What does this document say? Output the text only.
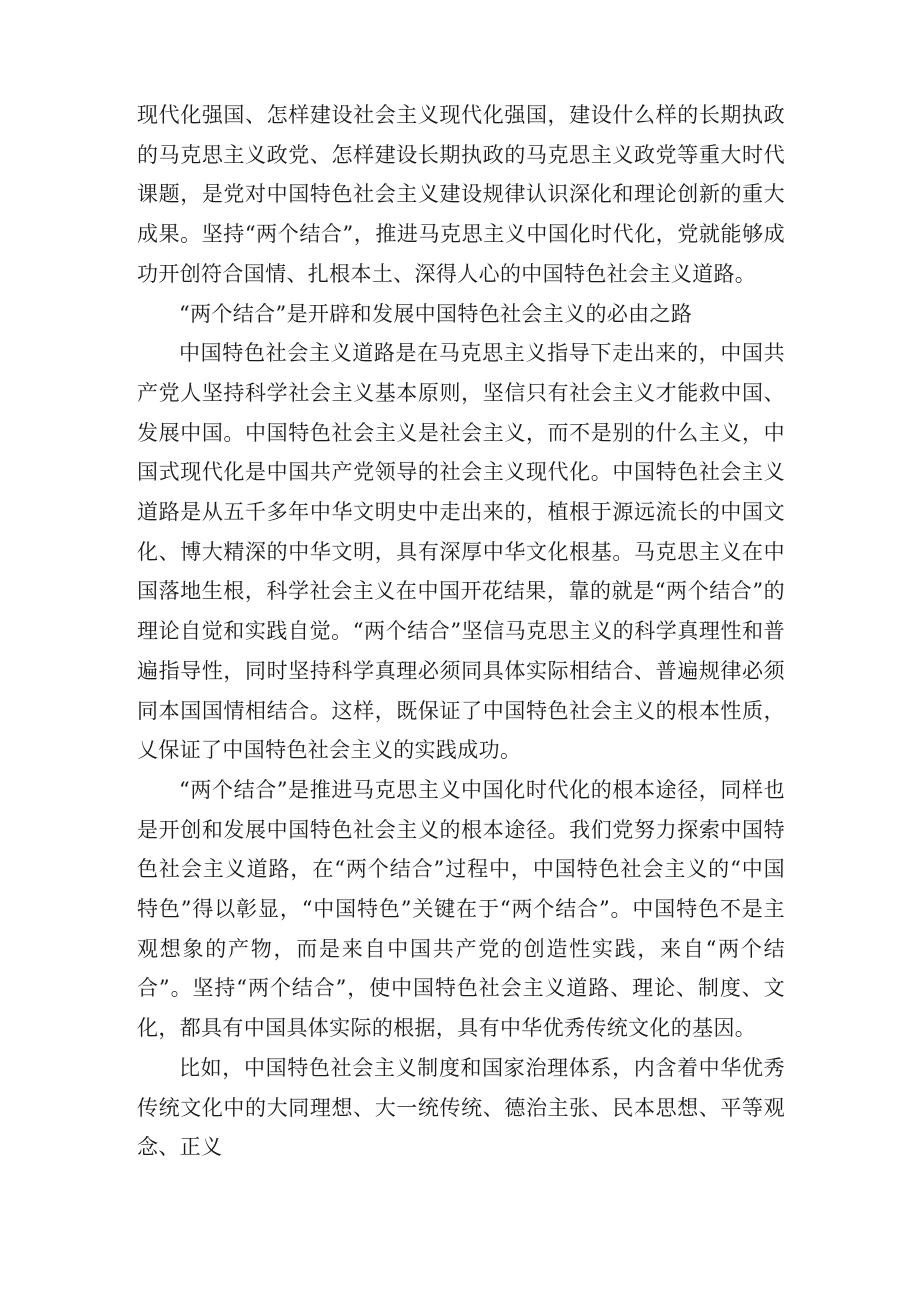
现代化强国、怎样建设社会主义现代化强国，建设什么样的长期执政的马克思主义政党、怎样建设长期执政的马克思主义政党等重大时代课题，是党对中国特色社会主义建设规律认识深化和理论创新的重大成果。坚持“两个结合”，推进马克思主义中国化时代化，党就能够成功开创符合国情、扎根本土、深得人心的中国特色社会主义道路。

“两个结合”是开辟和发展中国特色社会主义的必由之路

中国特色社会主义道路是在马克思主义指导下走出来的，中国共产党人坚持科学社会主义基本原则，坚信只有社会主义才能救中国、发展中国。中国特色社会主义是社会主义，而不是别的什么主义，中国式现代化是中国共产党领导的社会主义现代化。中国特色社会主义道路是从五千多年中华文明史中走出来的，植根于源远流长的中国文化、博大精深的中华文明，具有深厚中华文化根基。马克思主义在中国落地生根，科学社会主义在中国开花结果，靠的就是“两个结合”的理论自觉和实践自觉。“两个结合”坚信马克思主义的科学真理性和普遍指导性，同时坚持科学真理必须同具体实际相结合、普遍规律必须同本国国情相结合。这样，既保证了中国特色社会主义的根本性质，乂保证了中国特色社会主义的实践成功。

“两个结合”是推进马克思主义中国化时代化的根本途径，同样也是开创和发展中国特色社会主义的根本途径。我们党努力探索中国特色社会主义道路，在“两个结合”过程中，中国特色社会主义的“中国特色”得以彰显，“中国特色”关键在于“两个结合”。中国特色不是主观想象的产物，而是来自中国共产党的创造性实践，来自“两个结合”。坚持“两个结合”，使中国特色社会主义道路、理论、制度、文化，都具有中国具体实际的根据，具有中华优秀传统文化的基因。

比如，中国特色社会主义制度和国家治理体系，内含着中华优秀传统文化中的大同理想、大一统传统、德治主张、民本思想、平等观念、正义
